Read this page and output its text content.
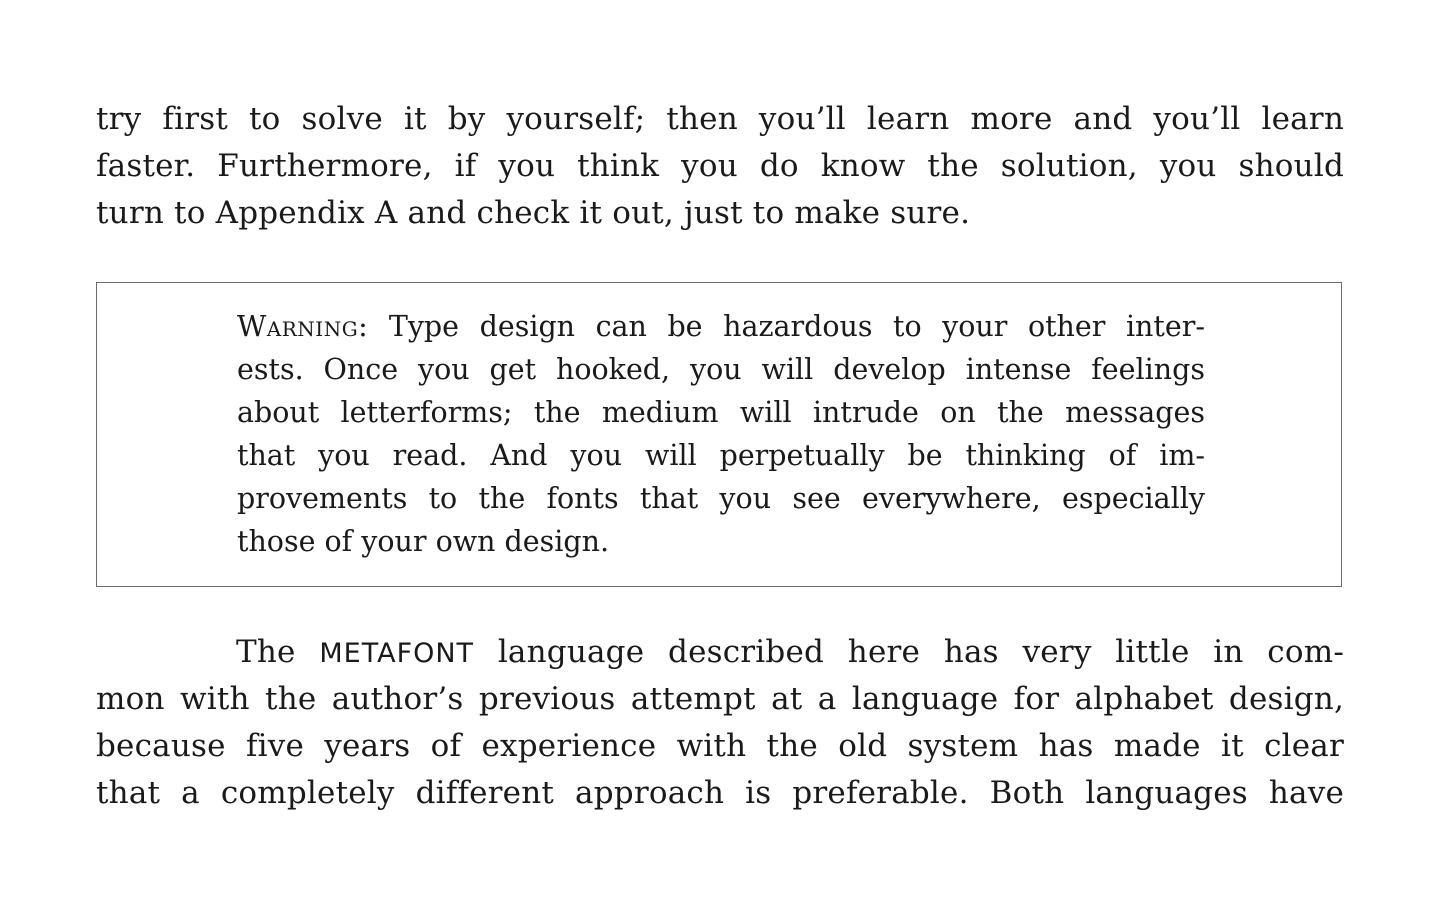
try first to solve it by yourself; then you’ll learn more and you’ll learn
faster. Furthermore, if you think you do know the solution, you should
turn to Appendix A and check it out, just to make sure.
Warning: Type design can be hazardous to your other inter-
ests. Once you get hooked, you will develop intense feelings
about letterforms; the medium will intrude on the messages
that you read. And you will perpetually be thinking of im-
provements to the fonts that you see everywhere, especially
those of your own design.
The METAFONT language described here has very little in com-
mon with the author’s previous attempt at a language for alphabet design,
because five years of experience with the old system has made it clear
that a completely different approach is preferable. Both languages have
